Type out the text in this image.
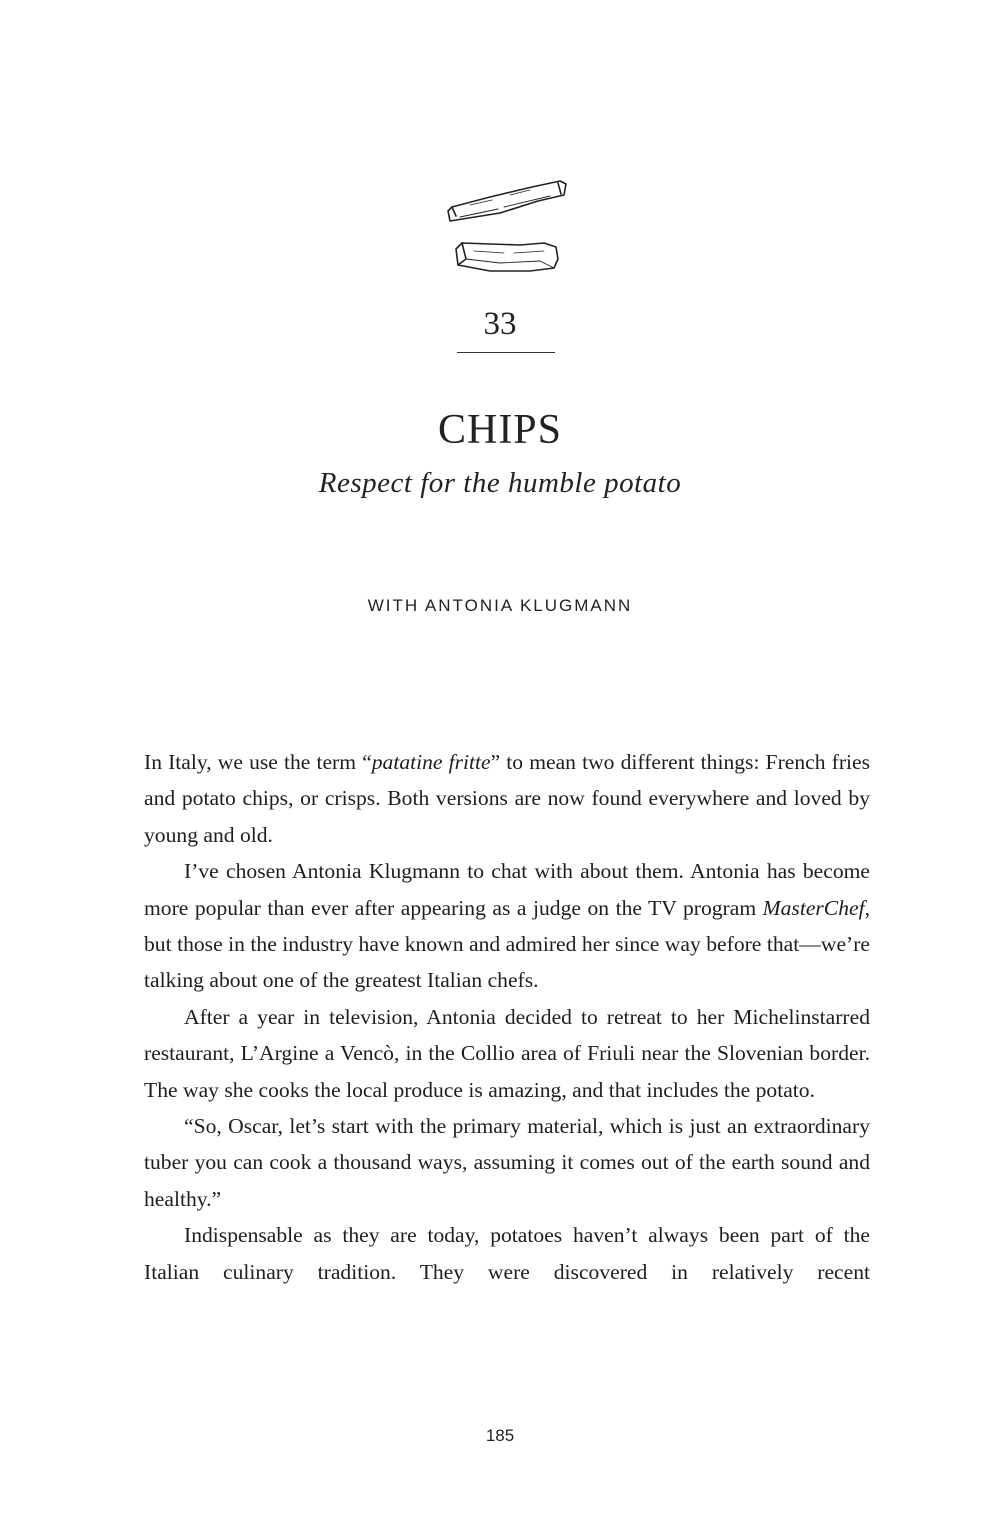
33
CHIPS
Respect for the humble potato
WITH ANTONIA KLUGMANN

In Italy, we use the term “patatine fritte” to mean two different things: French fries and potato chips, or crisps. Both versions are now found everywhere and loved by young and old.

I’ve chosen Antonia Klugmann to chat with about them. Antonia has become more popular than ever after appearing as a judge on the TV program MasterChef, but those in the industry have known and admired her since way before that—we’re talking about one of the greatest Italian chefs.

After a year in television, Antonia decided to retreat to her Michelinstarred restaurant, L’Argine a Vencò, in the Collio area of Friuli near the Slovenian border. The way she cooks the local produce is amazing, and that includes the potato.

“So, Oscar, let’s start with the primary material, which is just an extraordinary tuber you can cook a thousand ways, assuming it comes out of the earth sound and healthy.”

Indispensable as they are today, potatoes haven’t always been part of the Italian culinary tradition. They were discovered in relatively recent

185
